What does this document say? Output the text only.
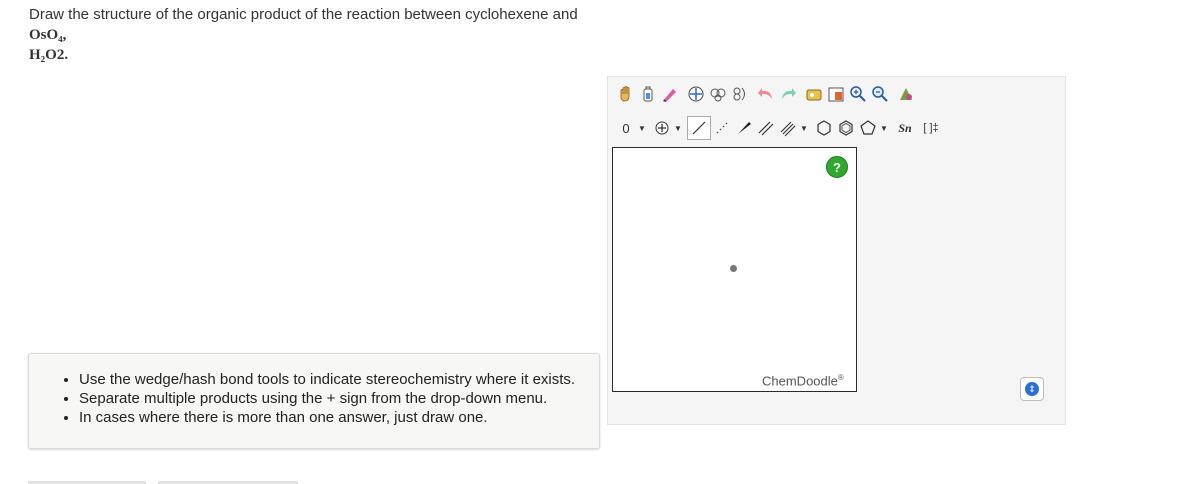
Draw the structure of the organic product of the reaction between cyclohexene and
OsO₄,
H₂O2.
• Use the wedge/hash bond tools to indicate stereochemistry where it exists.
• Separate multiple products using the + sign from the drop-down menu.
• In cases where there is more than one answer, just draw one.
0 ▼	▼	▼	▼ Sn [ ]‡
?
ChemDoodle®
⇕
